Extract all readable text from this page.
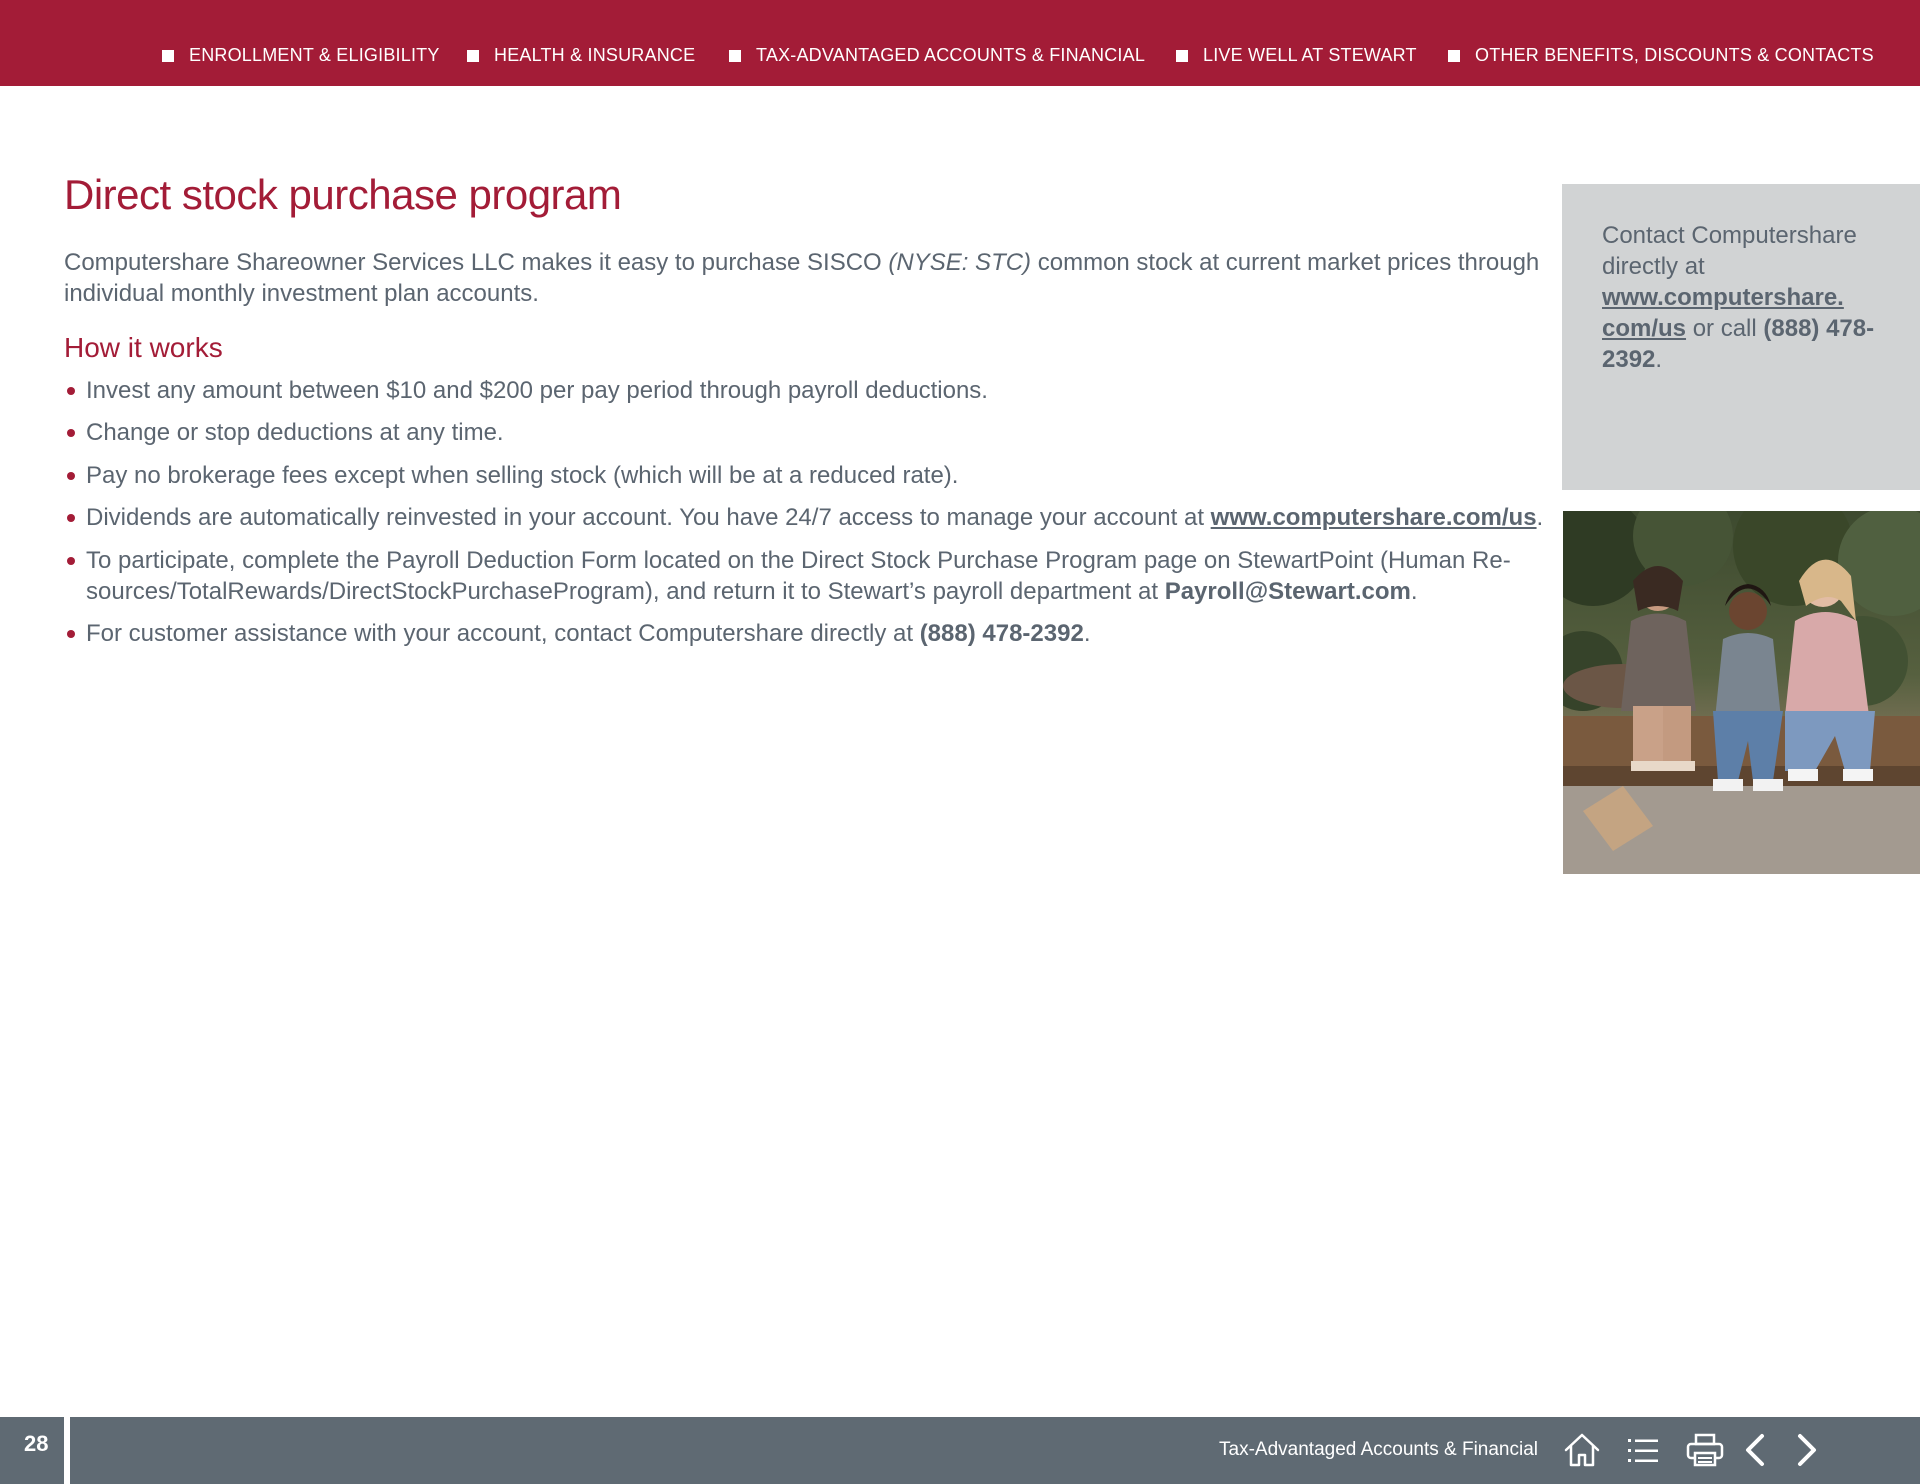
ENROLLMENT & ELIGIBILITY	HEALTH & INSURANCE	TAX-ADVANTAGED ACCOUNTS & FINANCIAL	LIVE WELL AT STEWART	OTHER BENEFITS, DISCOUNTS & CONTACTS
Direct stock purchase program

Computershare Shareowner Services LLC makes it easy to purchase SISCO (NYSE: STC) common stock at current market prices through individual monthly investment plan accounts.

How it works
Invest any amount between $10 and $200 per pay period through payroll deductions.
Change or stop deductions at any time.
Pay no brokerage fees except when selling stock (which will be at a reduced rate).
Dividends are automatically reinvested in your account. You have 24/7 access to manage your account at www.computershare.com/us.
To participate, complete the Payroll Deduction Form located on the Direct Stock Purchase Program page on StewartPoint (Human Re- sources/TotalRewards/DirectStockPurchaseProgram), and return it to Stewart’s payroll department at Payroll@Stewart.com.
For customer assistance with your account, contact Computershare directly at (888) 478-2392.
Contact Computershare directly at www.computershare. com/us or call (888) 478-2392.
28	Tax-Advantaged Accounts & Financial
